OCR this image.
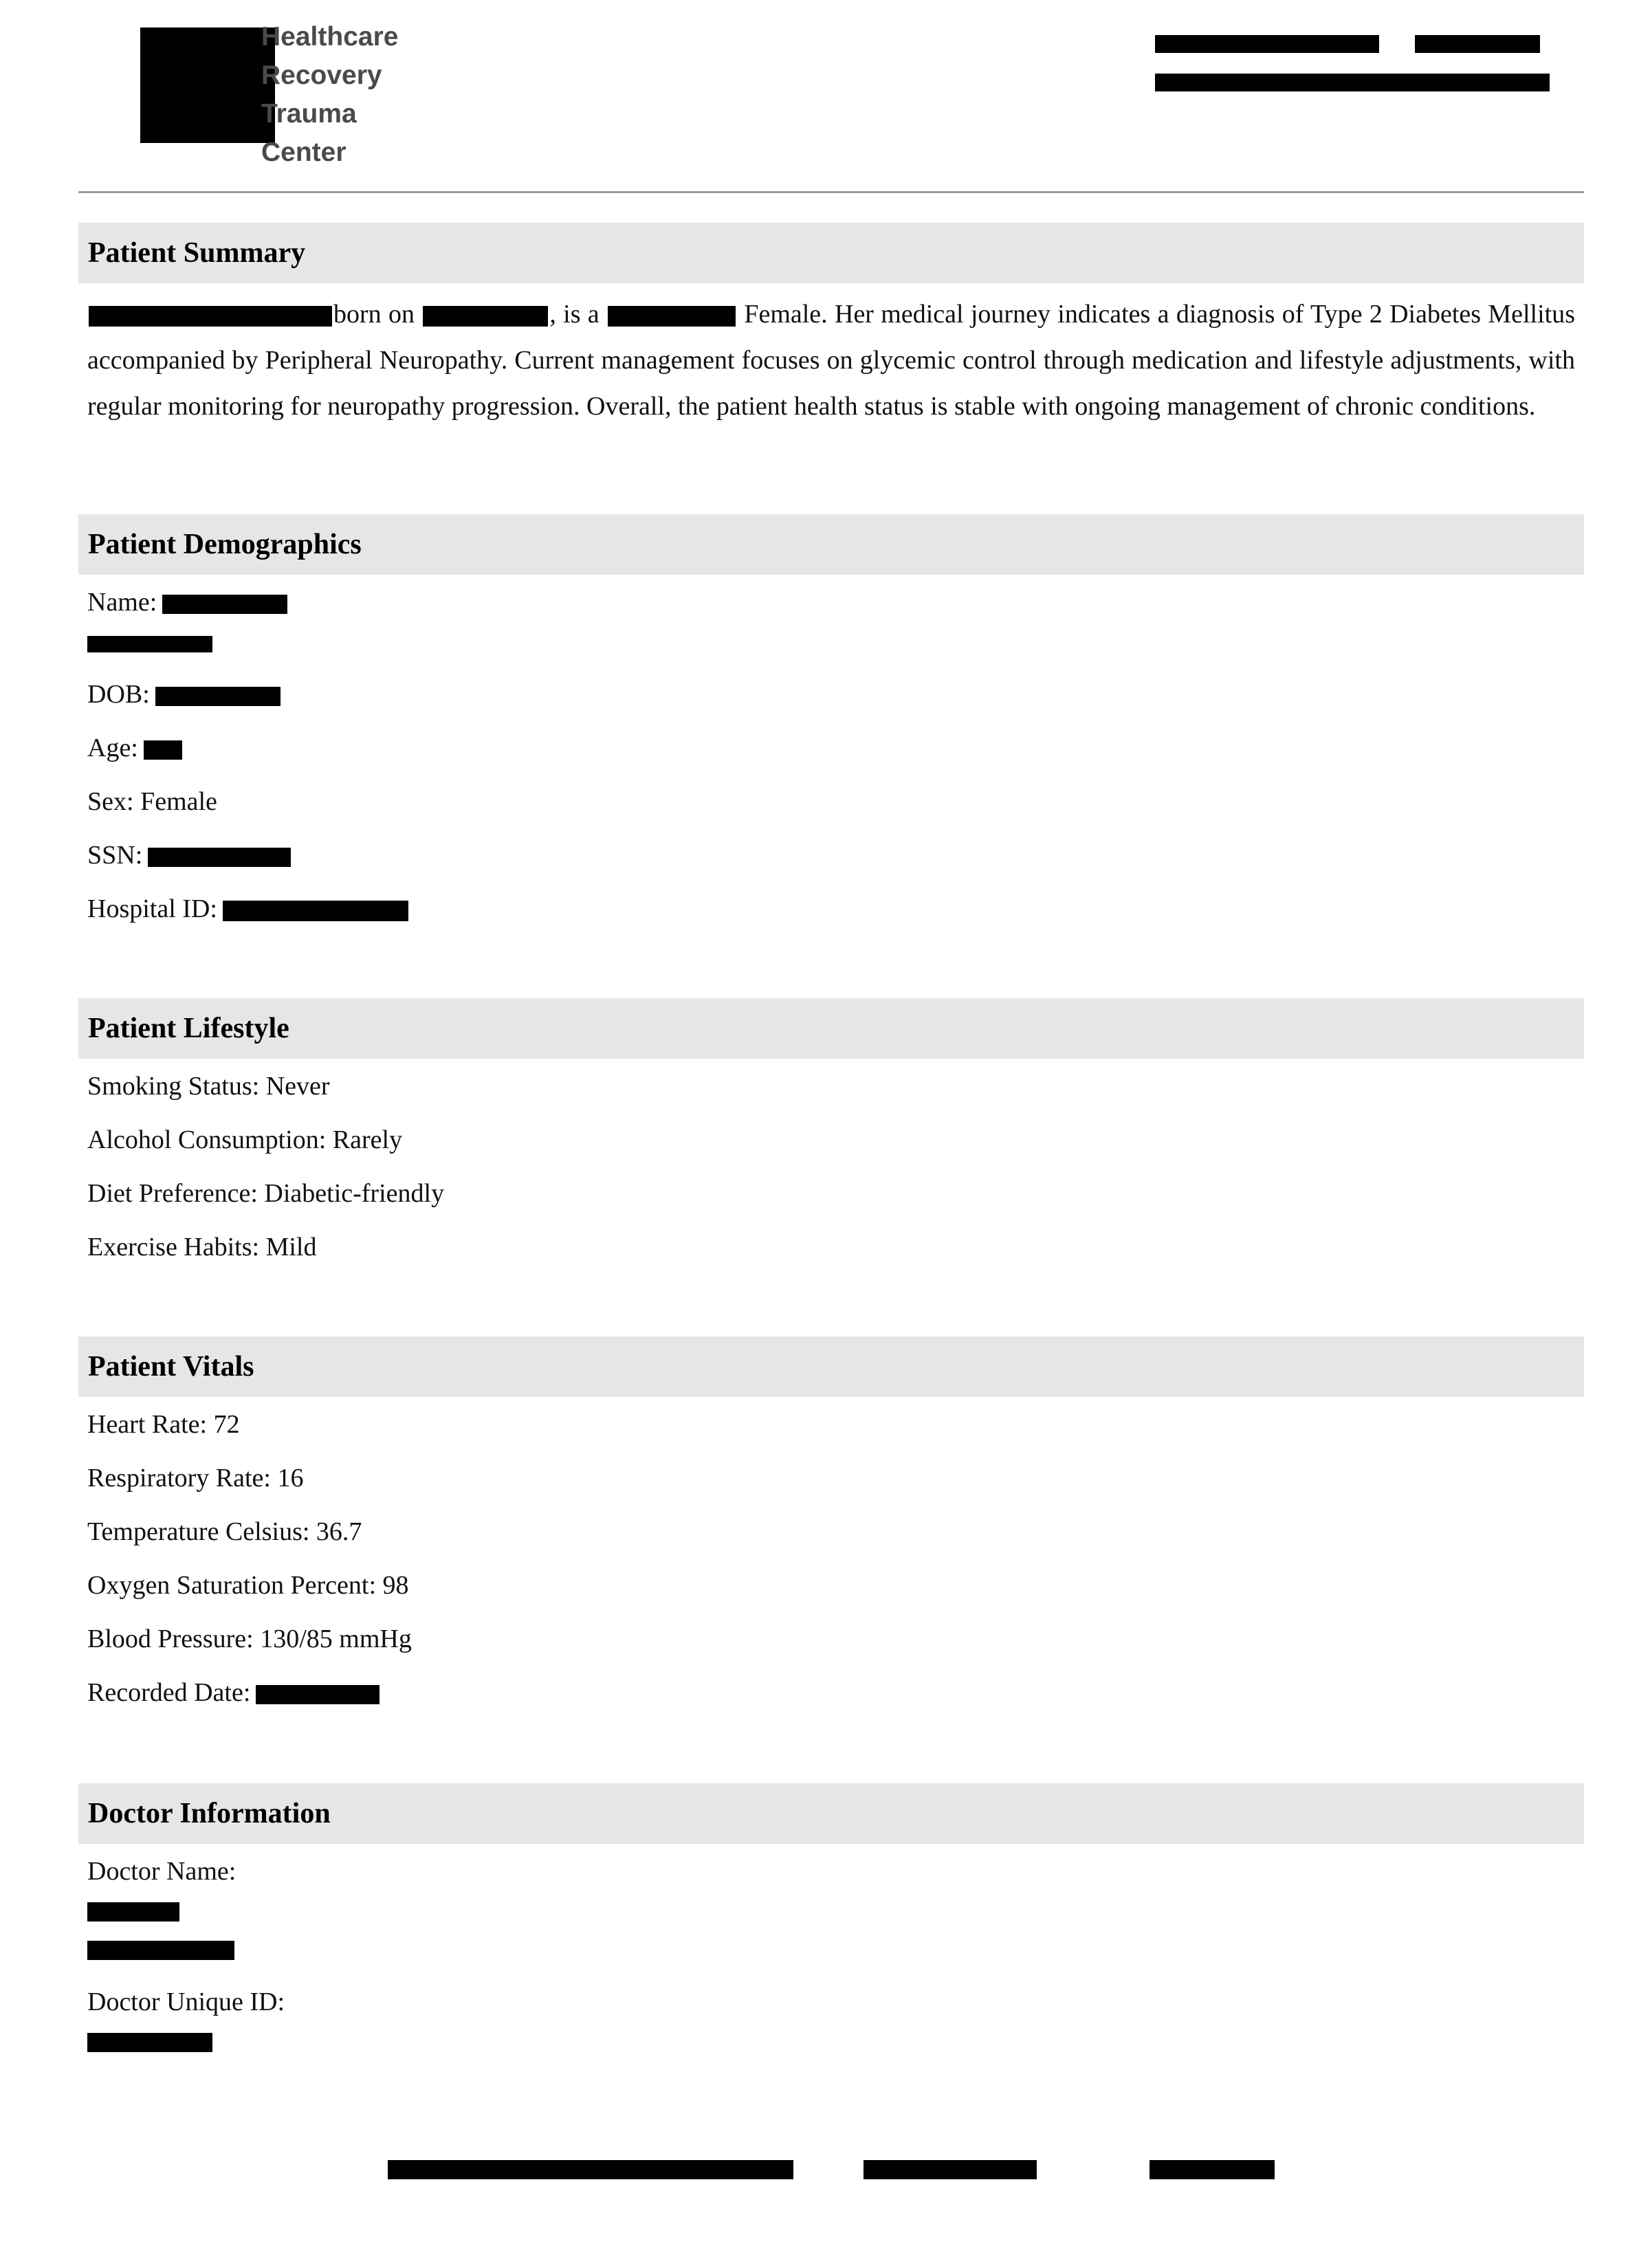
Healthcare
Recovery
Trauma
Center
Patient Summary
born on	, is a	Female. Her medical journey indicates a diagnosis of Type 2 Diabetes Mellitus accompanied by Peripheral Neuropathy. Current management focuses on glycemic control through medication and lifestyle adjustments, with regular monitoring for neuropathy progression. Overall, the patient health status is stable with ongoing management of chronic conditions.
Patient Demographics
Name:
DOB:
Age:
Sex: Female
SSN:
Hospital ID:
Patient Lifestyle
Smoking Status: Never
Alcohol Consumption: Rarely
Diet Preference: Diabetic-friendly
Exercise Habits: Mild
Patient Vitals
Heart Rate: 72
Respiratory Rate: 16
Temperature Celsius: 36.7
Oxygen Saturation Percent: 98
Blood Pressure: 130/85 mmHg
Recorded Date:
Doctor Information
Doctor Name:
Doctor Unique ID:
